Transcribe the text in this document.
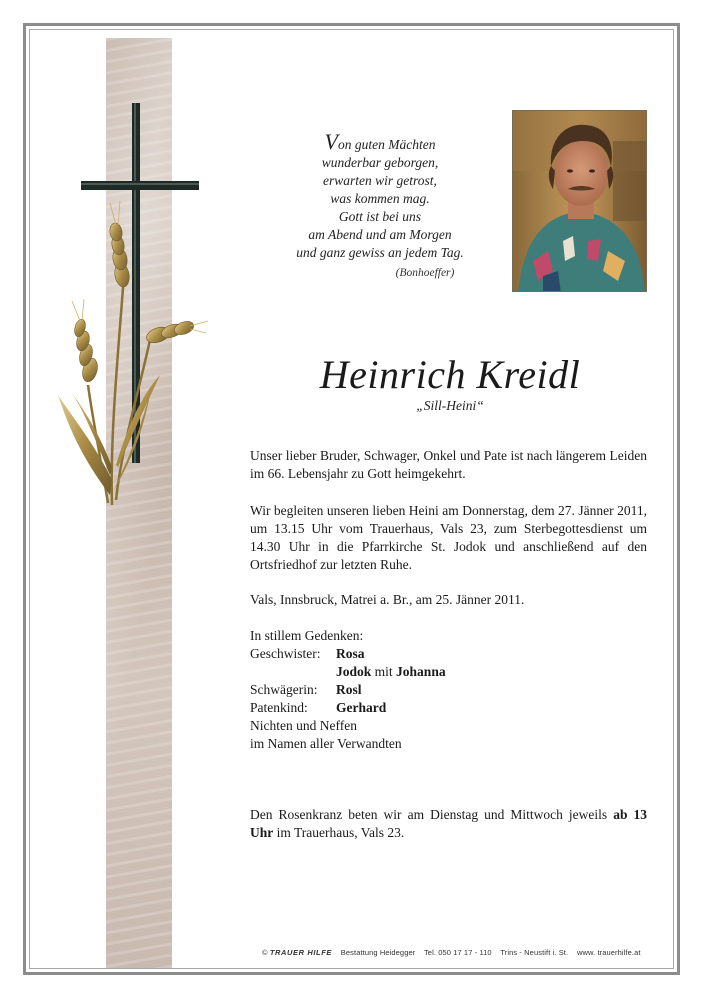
Von guten Mächten
wunderbar geborgen,
erwarten wir getrost,
was kommen mag.
Gott ist bei uns
am Abend und am Morgen
und ganz gewiss an jedem Tag.
(Bonhoeffer)
Heinrich Kreidl
„Sill-Heini“
Unser lieber Bruder, Schwager, Onkel und Pate ist nach längerem Leiden im 66. Lebensjahr zu Gott heimgekehrt.
Wir begleiten unseren lieben Heini am Donnerstag, dem 27. Jänner 2011, um 13.15 Uhr vom Trauerhaus, Vals 23, zum Sterbegottesdienst um 14.30 Uhr in die Pfarrkirche St. Jodok und anschließend auf den Ortsfriedhof zur letzten Ruhe.
Vals, Innsbruck, Matrei a. Br., am 25. Jänner 2011.
In stillem Gedenken:
Geschwister:	Rosa
Jodok mit Johanna
Schwägerin:	Rosl
Patenkind:	Gerhard
Nichten und Neffen
im Namen aller Verwandten
Den Rosenkranz beten wir am Dienstag und Mittwoch jeweils ab 13 Uhr im Trauerhaus, Vals 23.
© TRAUER HILFE Bestattung Heidegger Tel. 050 17 17 - 110 Trins - Neustift i. St. www. trauerhilfe.at
